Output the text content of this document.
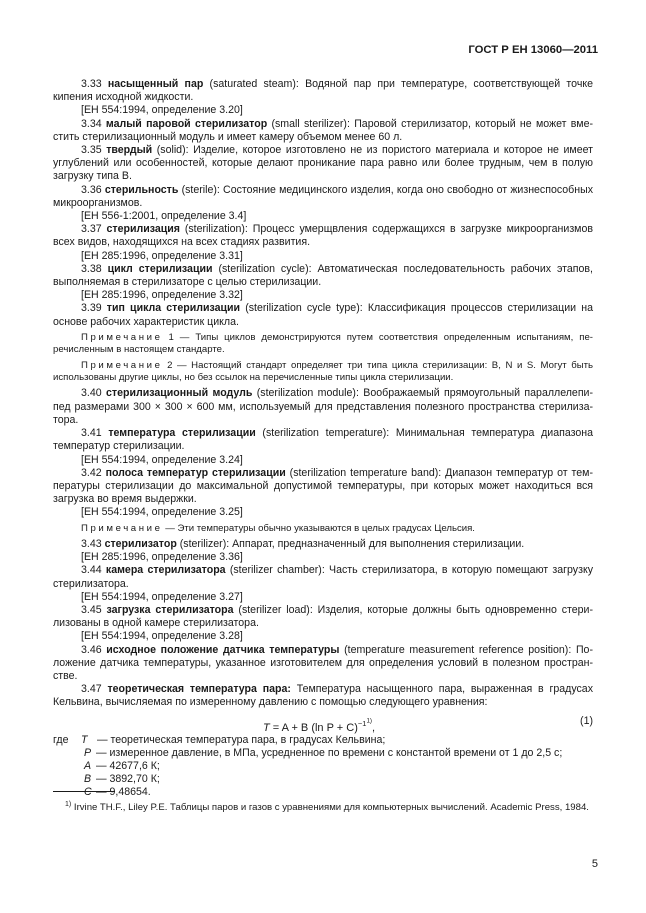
ГОСТ Р ЕН 13060—2011

3.33 насыщенный пар (saturated steam): Водяной пар при температуре, соответствующей точке кипения исходной жидкости.

[ЕН 554:1994, определение 3.20]

3.34 малый паровой стерилизатор (small sterilizer): Паровой стерилизатор, который не может вместить стерилизационный модуль и имеет камеру объемом менее 60 л.

3.35 твердый (solid): Изделие, которое изготовлено не из пористого материала и которое не имеет углублений или особенностей, которые делают проникание пара равно или более трудным, чем в полую загрузку типа В.

3.36 стерильность (sterile): Состояние медицинского изделия, когда оно свободно от жизнеспособных микроорганизмов.

[ЕН 556-1:2001, определение 3.4]

3.37 стерилизация (sterilization): Процесс умерщвления содержащихся в загрузке микроорганизмов всех видов, находящихся на всех стадиях развития.

[ЕН 285:1996, определение 3.31]

3.38 цикл стерилизации (sterilization cycle): Автоматическая последовательность рабочих этапов, выполняемая в стерилизаторе с целью стерилизации.

[ЕН 285:1996, определение 3.32]

3.39 тип цикла стерилизации (sterilization cycle type): Классификация процессов стерилизации на основе рабочих характеристик цикла.

Примечание 1 — Типы циклов демонстрируются путем соответствия определенным испытаниям, перечисленным в настоящем стандарте.

Примечание 2 — Настоящий стандарт определяет три типа цикла стерилизации: B, N и S. Могут быть использованы другие циклы, но без ссылок на перечисленные типы цикла стерилизации.

3.40 стерилизационный модуль (sterilization module): Воображаемый прямоугольный параллелепипед размерами 300 × 300 × 600 мм, используемый для представления полезного пространства стерилизатора.

3.41 температура стерилизации (sterilization temperature): Минимальная температура диапазона температур стерилизации.

[ЕН 554:1994, определение 3.24]

3.42 полоса температур стерилизации (sterilization temperature band): Диапазон температур от температуры стерилизации до максимальной допустимой температуры, при которых может находиться вся загрузка во время выдержки.

[ЕН 554:1994, определение 3.25]

Примечание — Эти температуры обычно указываются в целых градусах Цельсия.

3.43 стерилизатор (sterilizer): Аппарат, предназначенный для выполнения стерилизации.

[ЕН 285:1996, определение 3.36]

3.44 камера стерилизатора (sterilizer chamber): Часть стерилизатора, в которую помещают загрузку стерилизатора.

[ЕН 554:1994, определение 3.27]

3.45 загрузка стерилизатора (sterilizer load): Изделия, которые должны быть одновременно стерилизованы в одной камере стерилизатора.

[ЕН 554:1994, определение 3.28]

3.46 исходное положение датчика температуры (temperature measurement reference position): Положение датчика температуры, указанное изготовителем для определения условий в полезном пространстве.

3.47 теоретическая температура пара: Температура насыщенного пара, выраженная в градусах Кельвина, вычисляемая по измеренному давлению с помощью следующего уравнения:

T = A + B (ln P + C)$^{-1^{1)}}$,
(1)
где	T — теоретическая температура пара, в градусах Кельвина;
P — измеренное давление, в МПа, усредненное по времени с константой времени от 1 до 2,5 с;
A — 42677,6 К;
B — 3892,70 К;
C — 9,48654.

$^{1)}$ Irvine TH.F., Liley P.E. Таблицы паров и газов с уравнениями для компьютерных вычислений. Academic Press, 1984.

5
